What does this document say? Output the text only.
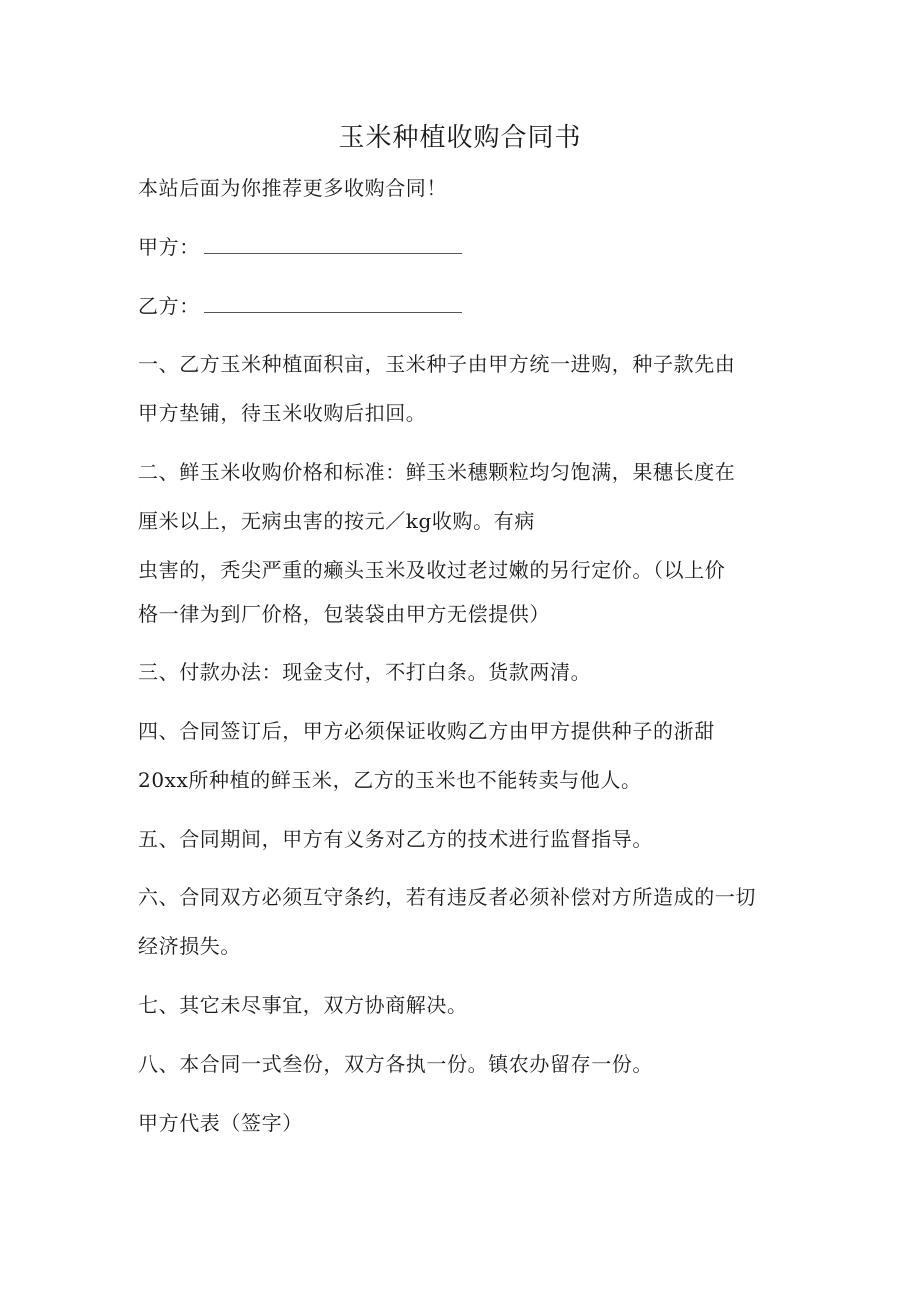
玉米种植收购合同书
本站后面为你推荐更多收购合同！
甲方：
乙方：
一、乙方玉米种植面积亩，玉米种子由甲方统一进购，种子款先由
甲方垫铺，待玉米收购后扣回。
二、鲜玉米收购价格和标准：鲜玉米穗颗粒均匀饱满，果穗长度在
厘米以上，无病虫害的按元／kg收购。有病
虫害的，秃尖严重的癞头玉米及收过老过嫩的另行定价。（以上价
格一律为到厂价格，包装袋由甲方无偿提供）
三、付款办法：现金支付，不打白条。货款两清。
四、合同签订后，甲方必须保证收购乙方由甲方提供种子的浙甜
20xx所种植的鲜玉米，乙方的玉米也不能转卖与他人。
五、合同期间，甲方有义务对乙方的技术进行监督指导。
六、合同双方必须互守条约，若有违反者必须补偿对方所造成的一切
经济损失。
七、其它未尽事宜，双方协商解决。
八、本合同一式叁份，双方各执一份。镇农办留存一份。
甲方代表（签字）
